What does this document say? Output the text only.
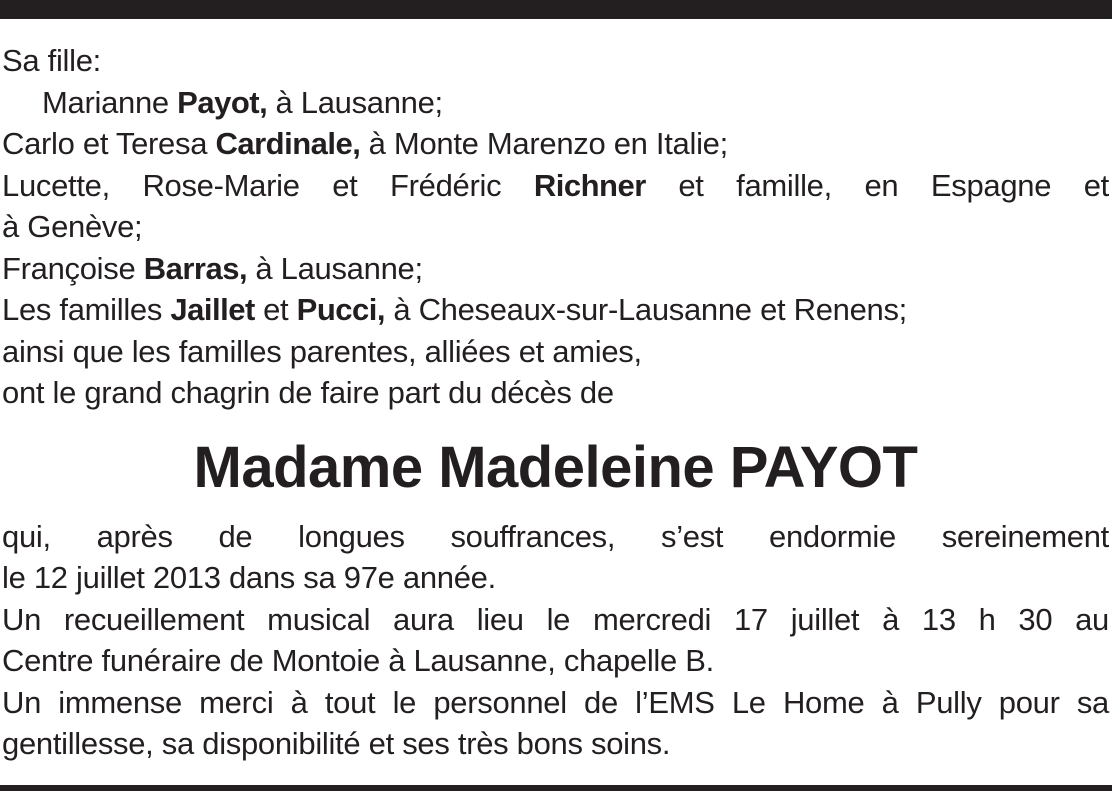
Sa fille:
Marianne Payot, à Lausanne;
Carlo et Teresa Cardinale, à Monte Marenzo en Italie;
Lucette, Rose-Marie et Frédéric Richner et famille, en Espagne et
à Genève;
Françoise Barras, à Lausanne;
Les familles Jaillet et Pucci, à Cheseaux-sur-Lausanne et Renens;
ainsi que les familles parentes, alliées et amies,
ont le grand chagrin de faire part du décès de
Madame Madeleine PAYOT
qui, après de longues souffrances, s’est endormie sereinement
le 12 juillet 2013 dans sa 97e année.
Un recueillement musical aura lieu le mercredi 17 juillet à 13 h 30 au
Centre funéraire de Montoie à Lausanne, chapelle B.
Un immense merci à tout le personnel de l’EMS Le Home à Pully pour sa
gentillesse, sa disponibilité et ses très bons soins.
